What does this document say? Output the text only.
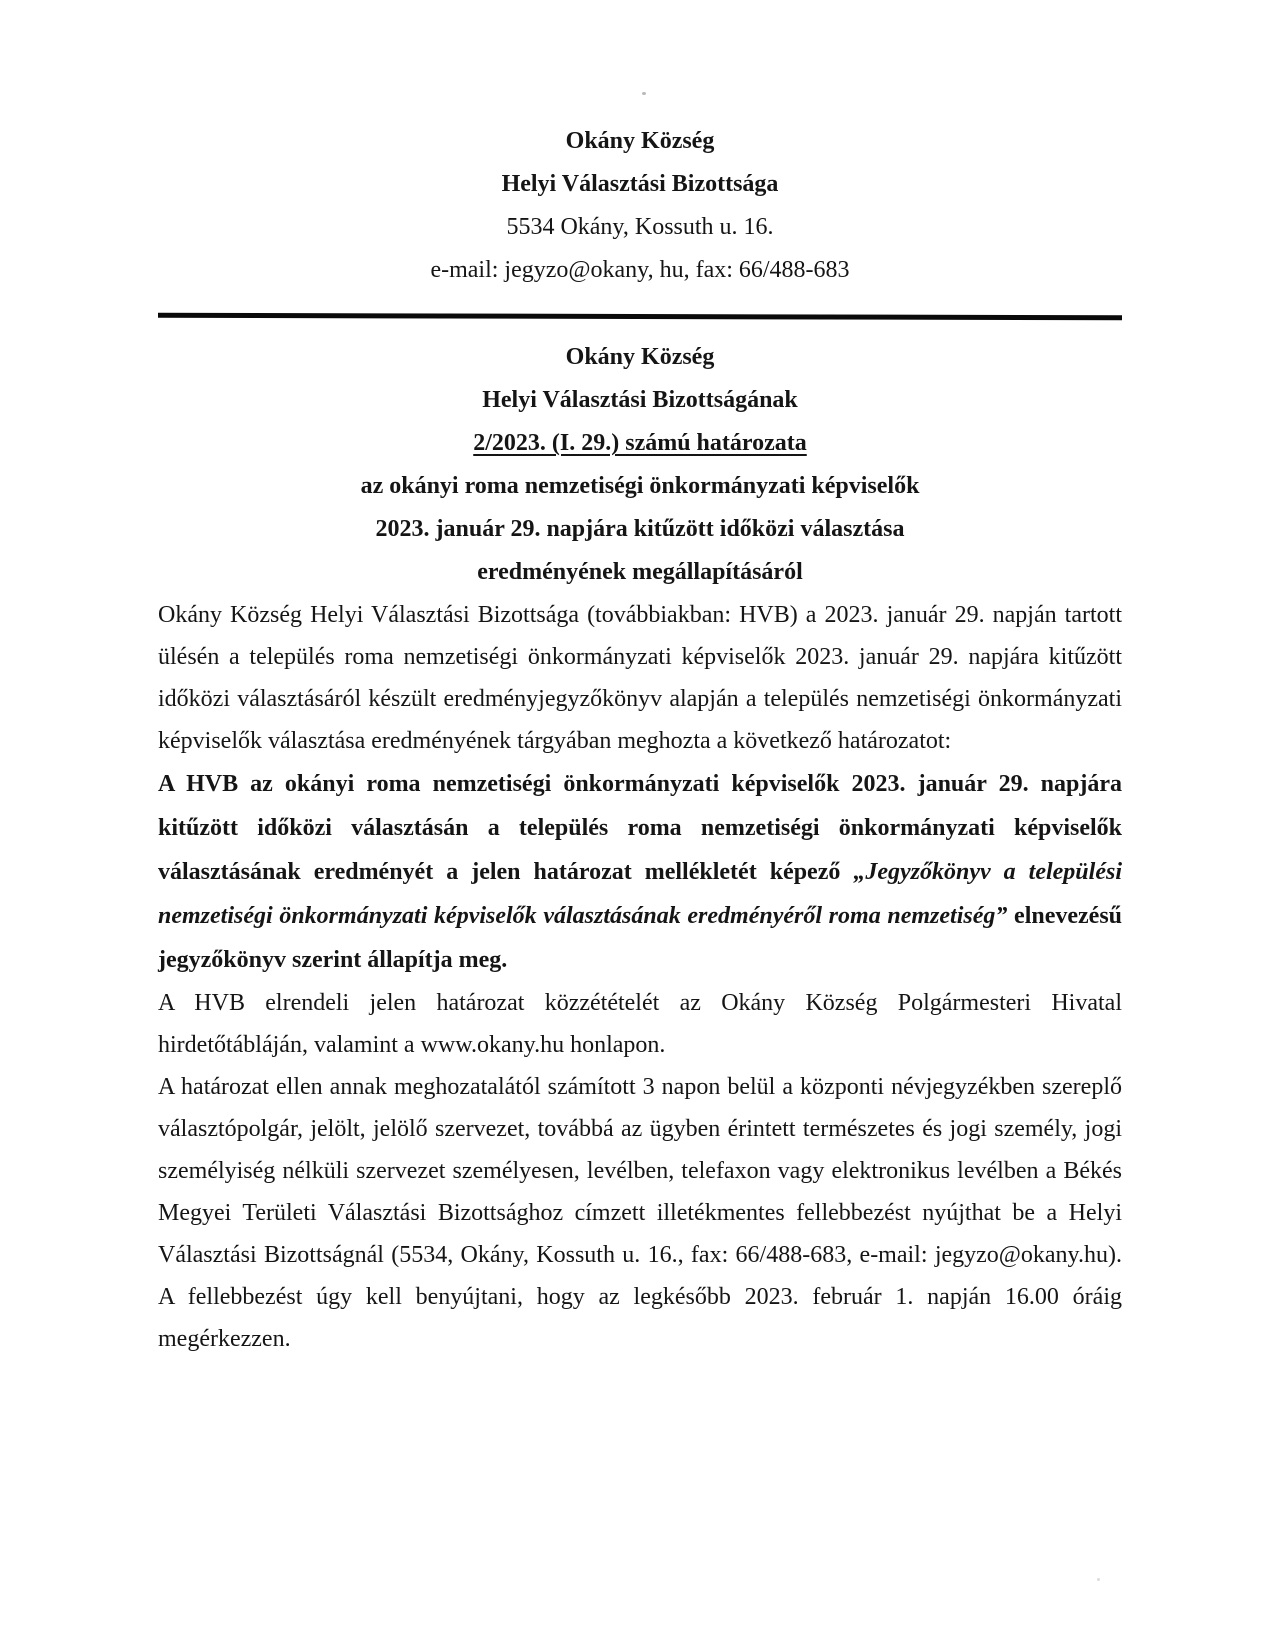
Okány Község

Helyi Választási Bizottsága

5534 Okány, Kossuth u. 16.

e-mail: jegyzo@okany, hu, fax: 66/488-683

Okány Község

Helyi Választási Bizottságának

2/2023. (I. 29.) számú határozata

az okányi roma nemzetiségi önkormányzati képviselők

2023. január 29. napjára kitűzött időközi választása

eredményének megállapításáról

Okány Község Helyi Választási Bizottsága (továbbiakban: HVB) a 2023. január 29. napján tartott ülésén a település roma nemzetiségi önkormányzati képviselők 2023. január 29. napjára kitűzött időközi választásáról készült eredményjegyzőkönyv alapján a település nemzetiségi önkormányzati képviselők választása eredményének tárgyában meghozta a következő határozatot:

A HVB az okányi roma nemzetiségi önkormányzati képviselők 2023. január 29. napjára kitűzött időközi választásán a település roma nemzetiségi önkormányzati képviselők választásának eredményét a jelen határozat mellékletét képező „Jegyzőkönyv a települési nemzetiségi önkormányzati képviselők választásának eredményéről roma nemzetiség” elnevezésű jegyzőkönyv szerint állapítja meg.

A HVB elrendeli jelen határozat közzétételét az Okány Község Polgármesteri Hivatal hirdetőtábláján, valamint a www.okany.hu honlapon.

A határozat ellen annak meghozatalától számított 3 napon belül a központi névjegyzékben szereplő választópolgár, jelölt, jelölő szervezet, továbbá az ügyben érintett természetes és jogi személy, jogi személyiség nélküli szervezet személyesen, levélben, telefaxon vagy elektronikus levélben a Békés Megyei Területi Választási Bizottsághoz címzett illetékmentes fellebbezést nyújthat be a Helyi Választási Bizottságnál (5534, Okány, Kossuth u. 16., fax: 66/488-683, e-mail: jegyzo@okany.hu). A fellebbezést úgy kell benyújtani, hogy az legkésőbb 2023. február 1. napján 16.00 óráig megérkezzen.
